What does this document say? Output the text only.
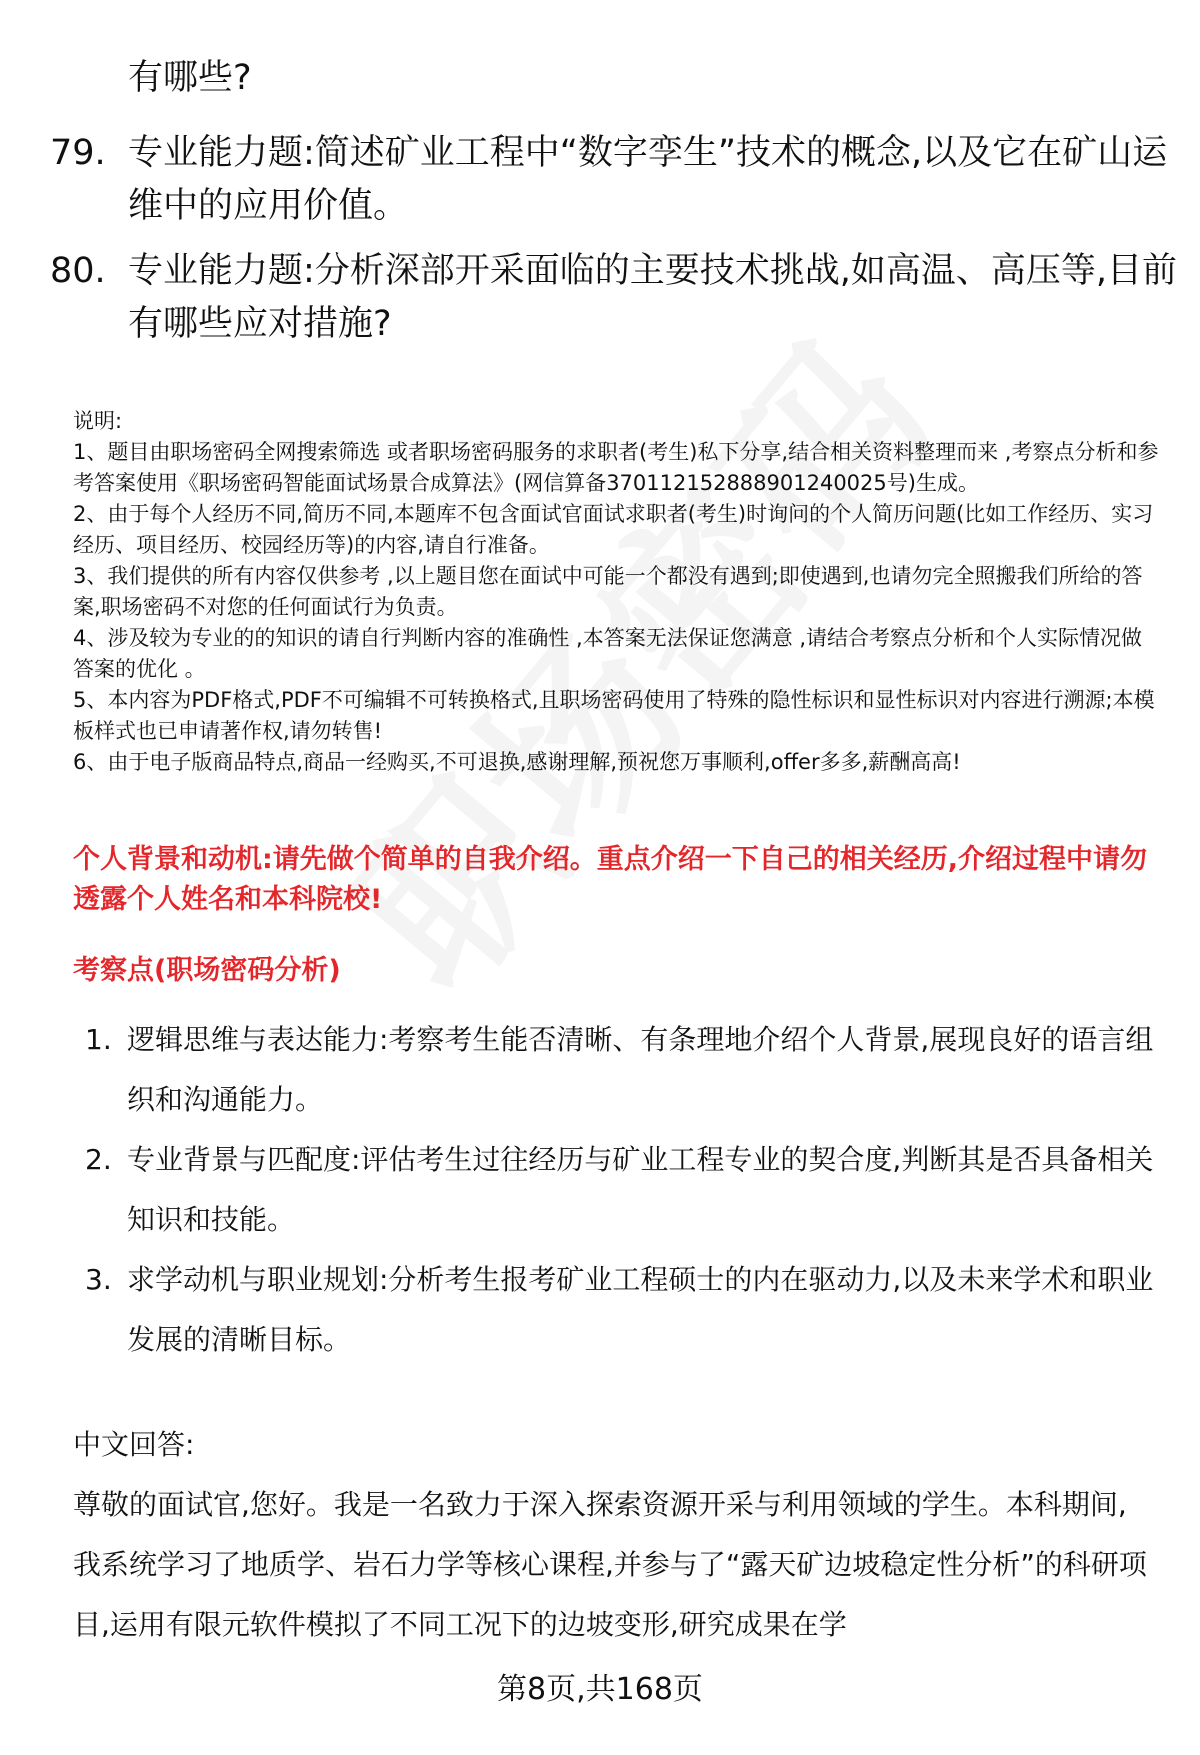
有哪些?
79. 专业能力题:简述矿业工程中“数字孪生”技术的概念,以及它在矿山运维中的应用价值。
80. 专业能力题:分析深部开采面临的主要技术挑战,如高温、高压等,目前有哪些应对措施?
说明:
1、题目由职场密码全网搜索筛选 或者职场密码服务的求职者(考生)私下分享,结合相关资料整理而来 ,考察点分析和参考答案使用《职场密码智能面试场景合成算法》(网信算备370112152888901240025号)生成。
2、由于每个人经历不同,简历不同,本题库不包含面试官面试求职者(考生)时询问的个人简历问题(比如工作经历、实习经历、项目经历、校园经历等)的内容,请自行准备。
3、我们提供的所有内容仅供参考 ,以上题目您在面试中可能一个都没有遇到;即使遇到,也请勿完全照搬我们所给的答案,职场密码不对您的任何面试行为负责。
4、涉及较为专业的的知识的请自行判断内容的准确性 ,本答案无法保证您满意 ,请结合考察点分析和个人实际情况做答案的优化 。
5、本内容为PDF格式,PDF不可编辑不可转换格式,且职场密码使用了特殊的隐性标识和显性标识对内容进行溯源;本模板样式也已申请著作权,请勿转售!
6、由于电子版商品特点,商品一经购买,不可退换,感谢理解,预祝您万事顺利,offer多多,薪酬高高!
个人背景和动机:请先做个简单的自我介绍。重点介绍一下自己的相关经历,介绍过程中请勿透露个人姓名和本科院校!
考察点(职场密码分析)
1. 逻辑思维与表达能力:考察考生能否清晰、有条理地介绍个人背景,展现良好的语言组织和沟通能力。
2. 专业背景与匹配度:评估考生过往经历与矿业工程专业的契合度,判断其是否具备相关知识和技能。
3. 求学动机与职业规划:分析考生报考矿业工程硕士的内在驱动力,以及未来学术和职业发展的清晰目标。
中文回答:
尊敬的面试官,您好。我是一名致力于深入探索资源开采与利用领域的学生。本科期间,我系统学习了地质学、岩石力学等核心课程,并参与了“露天矿边坡稳定性分析”的科研项目,运用有限元软件模拟了不同工况下的边坡变形,研究成果在学
第8页,共168页
